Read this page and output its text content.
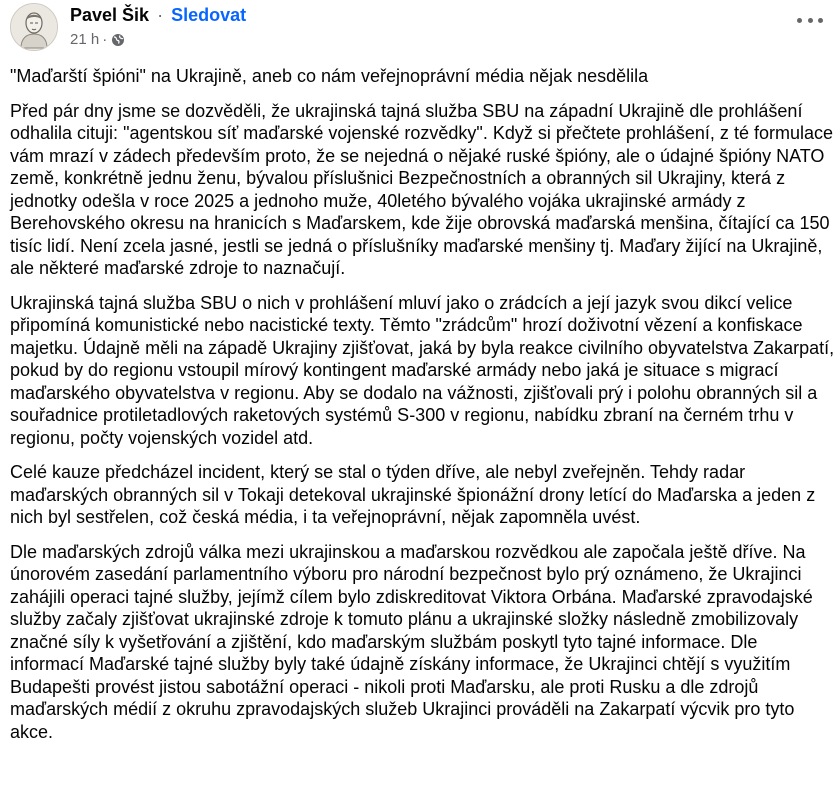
Pavel Šik · Sledovat
21 h ·

"Maďarští špióni" na Ukrajině, aneb co nám veřejnoprávní média nějak nesdělila

Před pár dny jsme se dozvěděli, že ukrajinská tajná služba SBU na západní Ukrajině dle prohlášení odhalila cituji: "agentskou síť maďarské vojenské rozvědky". Když si přečtete prohlášení, z té formulace vám mrazí v zádech především proto, že se nejedná o nějaké ruské špióny, ale o údajné špióny NATO země, konkrétně jednu ženu, bývalou příslušnici Bezpečnostních a obranných sil Ukrajiny, která z jednotky odešla v roce 2025 a jednoho muže, 40letého bývalého vojáka ukrajinské armády z Berehovského okresu na hranicích s Maďarskem, kde žije obrovská maďarská menšina, čítající ca 150 tisíc lidí. Není zcela jasné, jestli se jedná o příslušníky maďarské menšiny tj. Maďary žijící na Ukrajině, ale některé maďarské zdroje to naznačují.

Ukrajinská tajná služba SBU o nich v prohlášení mluví jako o zrádcích a její jazyk svou dikcí velice připomíná komunistické nebo nacistické texty. Těmto "zrádcům" hrozí doživotní vězení a konfiskace majetku. Údajně měli na západě Ukrajiny zjišťovat, jaká by byla reakce civilního obyvatelstva Zakarpatí, pokud by do regionu vstoupil mírový kontingent maďarské armády nebo jaká je situace s migrací maďarského obyvatelstva v regionu. Aby se dodalo na vážnosti, zjišťovali prý i polohu obranných sil a souřadnice protiletadlových raketových systémů S-300 v regionu, nabídku zbraní na černém trhu v regionu, počty vojenských vozidel atd.

Celé kauze předcházel incident, který se stal o týden dříve, ale nebyl zveřejněn. Tehdy radar maďarských obranných sil v Tokaji detekoval ukrajinské špionážní drony letící do Maďarska a jeden z nich byl sestřelen, což česká média, i ta veřejnoprávní, nějak zapomněla uvést.

Dle maďarských zdrojů válka mezi ukrajinskou a maďarskou rozvědkou ale započala ještě dříve. Na únorovém zasedání parlamentního výboru pro národní bezpečnost bylo prý oznámeno, že Ukrajinci zahájili operaci tajné služby, jejímž cílem bylo zdiskreditovat Viktora Orbána. Maďarské zpravodajské služby začaly zjišťovat ukrajinské zdroje k tomuto plánu a ukrajinské složky následně zmobilizovaly značné síly k vyšetřování a zjištění, kdo maďarským službám poskytl tyto tajné informace. Dle informací Maďarské tajné služby byly také údajně získány informace, že Ukrajinci chtějí s využitím Budapešti provést jistou sabotážní operaci - nikoli proti Maďarsku, ale proti Rusku a dle zdrojů maďarských médií z okruhu zpravodajských služeb Ukrajinci prováděli na Zakarpatí výcvik pro tyto akce.
